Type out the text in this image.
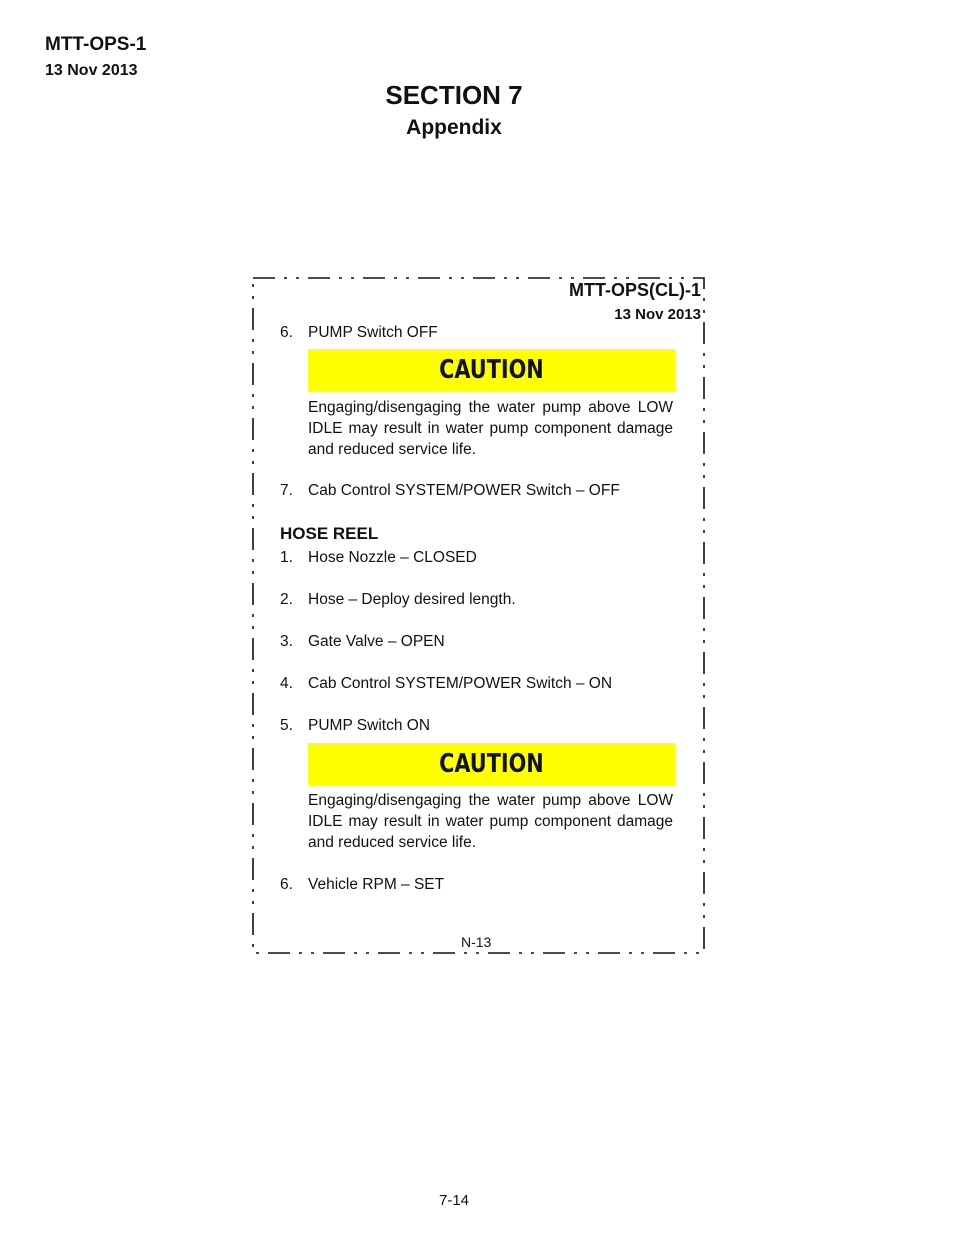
MTT-OPS-1
13 Nov 2013
SECTION 7
Appendix
MTT-OPS(CL)-1
13 Nov 2013
6. PUMP Switch OFF
CAUTION
Engaging/disengaging the water pump above LOW IDLE may result in water pump component damage and reduced service life.
7. Cab Control SYSTEM/POWER Switch – OFF
HOSE REEL
1. Hose Nozzle – CLOSED
2. Hose – Deploy desired length.
3. Gate Valve – OPEN
4. Cab Control SYSTEM/POWER Switch – ON
5. PUMP Switch ON
CAUTION
Engaging/disengaging the water pump above LOW IDLE may result in water pump component damage and reduced service life.
6. Vehicle RPM – SET
N-13
7-14
